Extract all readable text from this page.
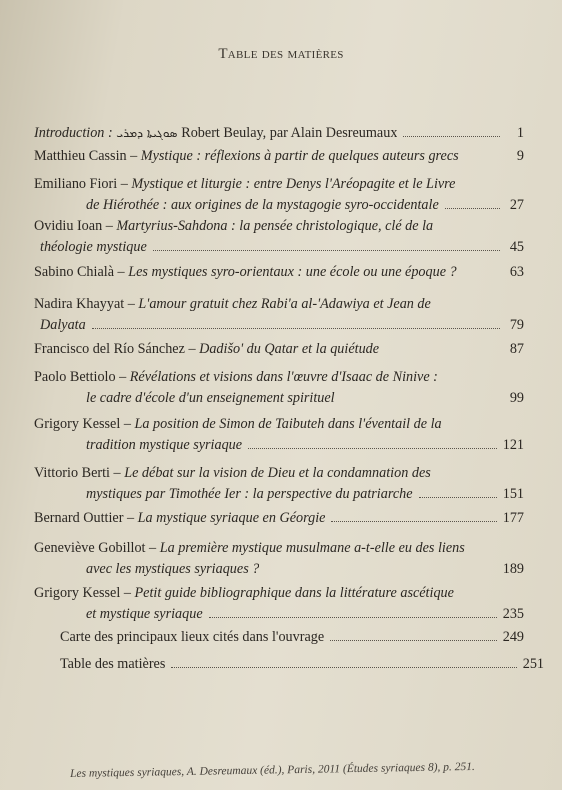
Table des matières
Introduction : ܣܘܓܝܬܐ ܕܡܪܝ Robert Beulay, par Alain Desreumaux	1
Matthieu Cassin – Mystique : réflexions à partir de quelques auteurs grecs	9
Emiliano Fiori – Mystique et liturgie : entre Denys l'Aréopagite et le Livre
de Hiérothée : aux origines de la mystagogie syro-occidentale	27
Ovidiu Ioan – Martyrius-Sahdona : la pensée christologique, clé de la
théologie mystique	45
Sabino Chialà – Les mystiques syro-orientaux : une école ou une époque ?	63
Nadira Khayyat – L'amour gratuit chez Rabi'a al-'Adawiya et Jean de
Dalyata	79
Francisco del Río Sánchez – Dadišo' du Qatar et la quiétude	87
Paolo Bettiolo – Révélations et visions dans l'œuvre d'Isaac de Ninive :
le cadre d'école d'un enseignement spirituel	99
Grigory Kessel – La position de Simon de Taibuteh dans l'éventail de la
tradition mystique syriaque	121
Vittorio Berti – Le débat sur la vision de Dieu et la condamnation des
mystiques par Timothée Ier : la perspective du patriarche	151
Bernard Outtier – La mystique syriaque en Géorgie	177
Geneviève Gobillot – La première mystique musulmane a-t-elle eu des liens
avec les mystiques syriaques ?	189
Grigory Kessel – Petit guide bibliographique dans la littérature ascétique
et mystique syriaque	235
Carte des principaux lieux cités dans l'ouvrage	249
Table des matières	251
Les mystiques syriaques, A. Desreumaux (éd.), Paris, 2011 (Études syriaques 8), p. 251.
